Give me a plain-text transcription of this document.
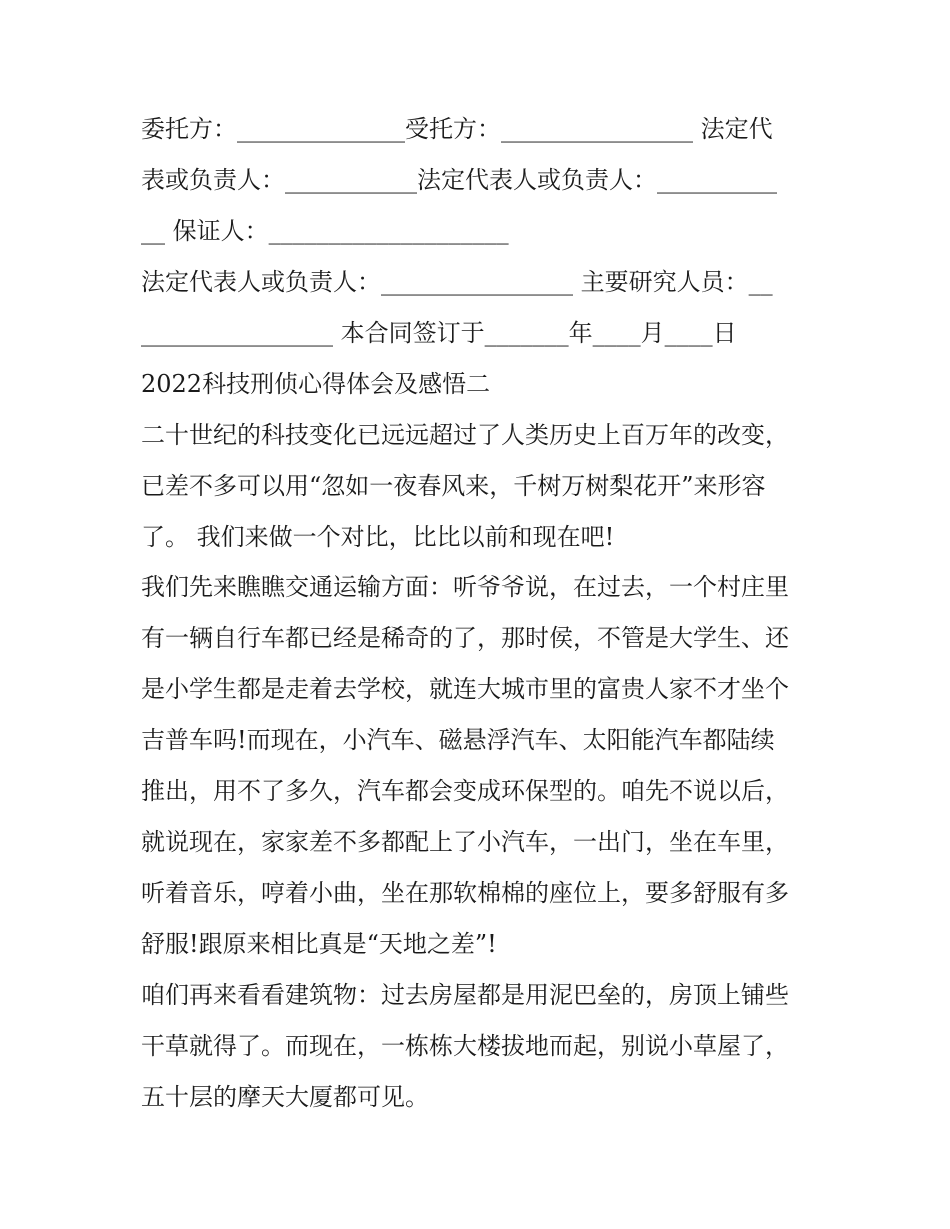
委托方：______________受托方：________________ 法定代
表或负责人：___________法定代表人或负责人：__________
__ 保证人：____________________
法定代表人或负责人：________________ 主要研究人员：__
________________ 本合同签订于_______年____月____日
2022科技刑侦心得体会及感悟二
二十世纪的科技变化已远远超过了人类历史上百万年的改变，
已差不多可以用“忽如一夜春风来，千树万树梨花开”来形容
了。 我们来做一个对比，比比以前和现在吧!
我们先来瞧瞧交通运输方面：听爷爷说，在过去，一个村庄里
有一辆自行车都已经是稀奇的了，那时侯，不管是大学生、还
是小学生都是走着去学校，就连大城市里的富贵人家不才坐个
吉普车吗!而现在，小汽车、磁悬浮汽车、太阳能汽车都陆续
推出，用不了多久，汽车都会变成环保型的。咱先不说以后，
就说现在，家家差不多都配上了小汽车，一出门，坐在车里，
听着音乐，哼着小曲，坐在那软棉棉的座位上，要多舒服有多
舒服!跟原来相比真是“天地之差”!
咱们再来看看建筑物：过去房屋都是用泥巴垒的，房顶上铺些
干草就得了。而现在，一栋栋大楼拔地而起，别说小草屋了，
五十层的摩天大厦都可见。
